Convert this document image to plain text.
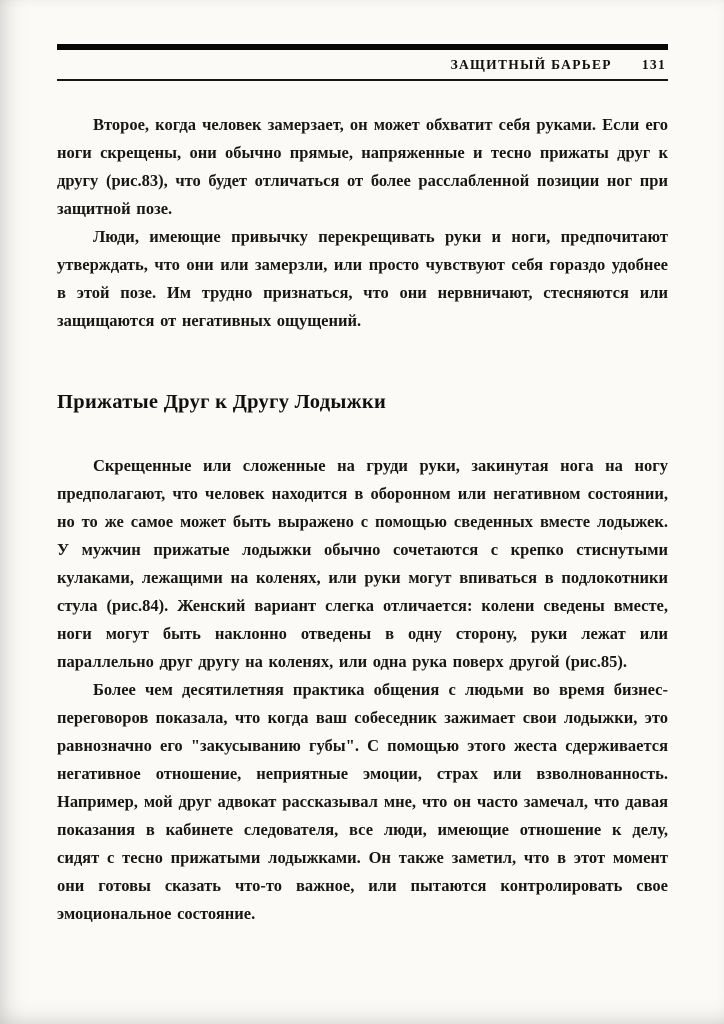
ЗАЩИТНЫЙ БАРЬЕР 131

Второе, когда человек замерзает, он может обхватит себя руками. Если его ноги скрещены, они обычно прямые, напряженные и тесно прижаты друг к другу (рис.83), что будет отличаться от более расслабленной позиции ног при защитной позе.

Люди, имеющие привычку перекрещивать руки и ноги, предпочитают утверждать, что они или замерзли, или просто чувствуют себя гораздо удобнее в этой позе. Им трудно признаться, что они нервничают, стесняются или защищаются от негативных ощущений.

Прижатые Друг к Другу Лодыжки

Скрещенные или сложенные на груди руки, закинутая нога на ногу предполагают, что человек находится в оборонном или негативном состоянии, но то же самое может быть выражено с помощью сведенных вместе лодыжек. У мужчин прижатые лодыжки обычно сочетаются с крепко стиснутыми кулаками, лежащими на коленях, или руки могут впиваться в подлокотники стула (рис.84). Женский вариант слегка отличается: колени сведены вместе, ноги могут быть наклонно отведены в одну сторону, руки лежат или параллельно друг другу на коленях, или одна рука поверх другой (рис.85).

Более чем десятилетняя практика общения с людьми во время бизнес- переговоров показала, что когда ваш собеседник зажимает свои лодыжки, это равнозначно его "закусыванию губы". С помощью этого жеста сдерживается негативное отношение, неприятные эмоции, страх или взволнованность. Например, мой друг адвокат рассказывал мне, что он часто замечал, что давая показания в кабинете следователя, все люди, имеющие отношение к делу, сидят с тесно прижатыми лодыжками. Он также заметил, что в этот момент они готовы сказать что-то важное, или пытаются контролировать свое эмоциональное состояние.
